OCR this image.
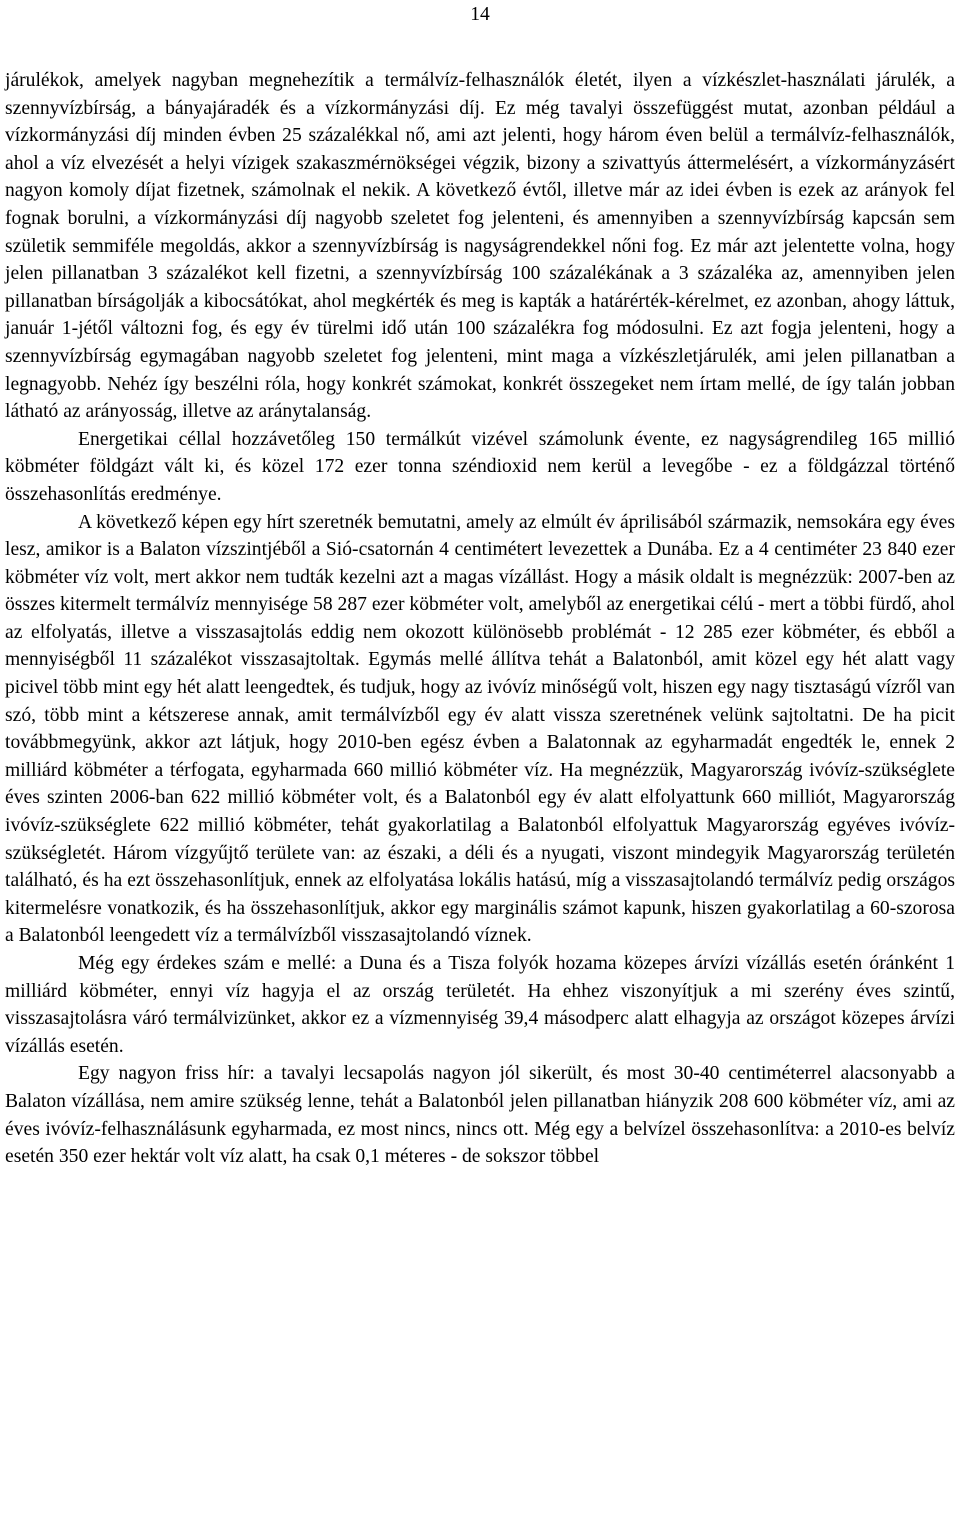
14

járulékok, amelyek nagyban megnehezítik a termálvíz-felhasználók életét, ilyen a vízkészlet-használati járulék, a szennyvízbírság, a bányajáradék és a vízkormányzási díj. Ez még tavalyi összefüggést mutat, azonban például a vízkormányzási díj minden évben 25 százalékkal nő, ami azt jelenti, hogy három éven belül a termálvíz-felhasználók, ahol a víz elvezését a helyi vízigek szakaszmérnökségei végzik, bizony a szivattyús áttermelésért, a vízkormányzásért nagyon komoly díjat fizetnek, számolnak el nekik. A következő évtől, illetve már az idei évben is ezek az arányok fel fognak borulni, a vízkormányzási díj nagyobb szeletet fog jelenteni, és amennyiben a szennyvízbírság kapcsán sem születik semmiféle megoldás, akkor a szennyvízbírság is nagyságrendekkel nőni fog. Ez már azt jelentette volna, hogy jelen pillanatban 3 százalékot kell fizetni, a szennyvízbírság 100 százalékának a 3 százaléka az, amennyiben jelen pillanatban bírságolják a kibocsátókat, ahol megkérték és meg is kapták a határérték-kérelmet, ez azonban, ahogy láttuk, január 1-jétől változni fog, és egy év türelmi idő után 100 százalékra fog módosulni. Ez azt fogja jelenteni, hogy a szennyvízbírság egymagában nagyobb szeletet fog jelenteni, mint maga a vízkészletjárulék, ami jelen pillanatban a legnagyobb. Nehéz így beszélni róla, hogy konkrét számokat, konkrét összegeket nem írtam mellé, de így talán jobban látható az arányosság, illetve az aránytalanság.

Energetikai céllal hozzávetőleg 150 termálkút vizével számolunk évente, ez nagyságrendileg 165 millió köbméter földgázt vált ki, és közel 172 ezer tonna széndioxid nem kerül a levegőbe - ez a földgázzal történő összehasonlítás eredménye.

A következő képen egy hírt szeretnék bemutatni, amely az elmúlt év áprilisából származik, nemsokára egy éves lesz, amikor is a Balaton vízszintjéből a Sió-csatornán 4 centimétert levezettek a Dunába. Ez a 4 centiméter 23 840 ezer köbméter víz volt, mert akkor nem tudták kezelni azt a magas vízállást. Hogy a másik oldalt is megnézzük: 2007-ben az összes kitermelt termálvíz mennyisége 58 287 ezer köbméter volt, amelyből az energetikai célú - mert a többi fürdő, ahol az elfolyatás, illetve a visszasajtolás eddig nem okozott különösebb problémát - 12 285 ezer köbméter, és ebből a mennyiségből 11 százalékot visszasajtoltak. Egymás mellé állítva tehát a Balatonból, amit közel egy hét alatt vagy picivel több mint egy hét alatt leengedtek, és tudjuk, hogy az ivóvíz minőségű volt, hiszen egy nagy tisztaságú vízről van szó, több mint a kétszerese annak, amit termálvízből egy év alatt vissza szeretnének velünk sajtoltatni. De ha picit továbbmegyünk, akkor azt látjuk, hogy 2010-ben egész évben a Balatonnak az egyharmadát engedték le, ennek 2 milliárd köbméter a térfogata, egyharmada 660 millió köbméter víz. Ha megnézzük, Magyarország ivóvíz-szükséglete éves szinten 2006-ban 622 millió köbméter volt, és a Balatonból egy év alatt elfolyattunk 660 milliót, Magyarország ivóvíz-szükséglete 622 millió köbméter, tehát gyakorlatilag a Balatonból elfolyattuk Magyarország egyéves ivóvíz-szükségletét. Három vízgyűjtő területe van: az északi, a déli és a nyugati, viszont mindegyik Magyarország területén található, és ha ezt összehasonlítjuk, ennek az elfolyatása lokális hatású, míg a visszasajtolandó termálvíz pedig országos kitermelésre vonatkozik, és ha összehasonlítjuk, akkor egy marginális számot kapunk, hiszen gyakorlatilag a 60-szorosa a Balatonból leengedett víz a termálvízből visszasajtolandó víznek.

Még egy érdekes szám e mellé: a Duna és a Tisza folyók hozama közepes árvízi vízállás esetén óránként 1 milliárd köbméter, ennyi víz hagyja el az ország területét. Ha ehhez viszonyítjuk a mi szerény éves szintű, visszasajtolásra váró termálvizünket, akkor ez a vízmennyiség 39,4 másodperc alatt elhagyja az országot közepes árvízi vízállás esetén.

Egy nagyon friss hír: a tavalyi lecsapolás nagyon jól sikerült, és most 30-40 centiméterrel alacsonyabb a Balaton vízállása, nem amire szükség lenne, tehát a Balatonból jelen pillanatban hiányzik 208 600 köbméter víz, ami az éves ivóvíz-felhasználásunk egyharmada, ez most nincs, nincs ott. Még egy a belvízel összehasonlítva: a 2010-es belvíz esetén 350 ezer hektár volt víz alatt, ha csak 0,1 méteres - de sokszor többel
